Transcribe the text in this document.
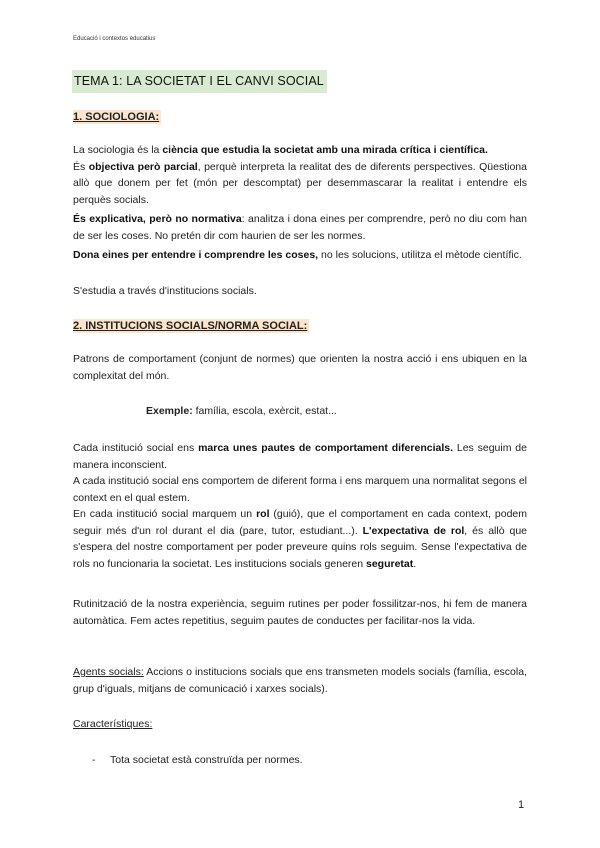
Educació i contextos educatius
TEMA 1: LA SOCIETAT I EL CANVI SOCIAL
1. SOCIOLOGIA:

La sociologia és la ciència que estudia la societat amb una mirada crítica i científica.
És objectiva però parcial, perquè interpreta la realitat des de diferents perspectives. Qüestiona allò que donem per fet (món per descomptat) per desemmascarar la realitat i entendre els perquès socials.

És explicativa, però no normativa: analitza i dona eines per comprendre, però no diu com han de ser les coses. No pretén dir com haurien de ser les normes.

Dona eines per entendre i comprendre les coses, no les solucions, utilitza el mètode científic.

S'estudia a través d'institucions socials.

2. INSTITUCIONS SOCIALS/NORMA SOCIAL:

Patrons de comportament (conjunt de normes) que orienten la nostra acció i ens ubiquen en la complexitat del món.

Exemple: família, escola, exèrcit, estat...

Cada institució social ens marca unes pautes de comportament diferencials. Les seguim de manera inconscient.
A cada institució social ens comportem de diferent forma i ens marquem una normalitat segons el context en el qual estem.
En cada institució social marquem un rol (guió), que el comportament en cada context, podem seguir més d'un rol durant el dia (pare, tutor, estudiant...). L'expectativa de rol, és allò que s'espera del nostre comportament per poder preveure quins rols seguim. Sense l'expectativa de rols no funcionaria la societat. Les institucions socials generen seguretat.

Rutinització de la nostra experiència, seguim rutines per poder fossilitzar-nos, hi fem de manera automàtica. Fem actes repetitius, seguim pautes de conductes per facilitar-nos la vida.

Agents socials: Accions o institucions socials que ens transmeten models socials (família, escola, grup d'iguals, mitjans de comunicació i xarxes socials).

Característiques:

- Tota societat està construïda per normes.
1
